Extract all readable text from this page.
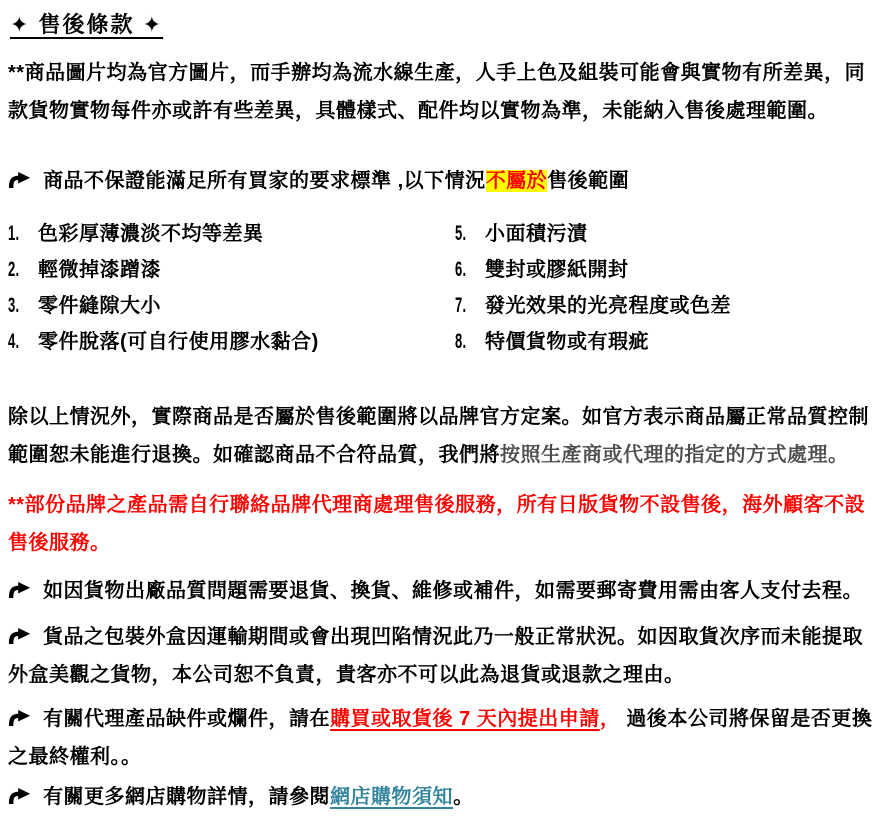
✦ 售後條款 ✦

**商品圖片均為官方圖片，而手辦均為流水線生產，人手上色及組裝可能會與實物有所差異，同款貨物實物每件亦或許有些差異，具體樣式、配件均以實物為準，未能納入售後處理範圍。

商品不保證能滿足所有買家的要求標準 ,以下情況不屬於售後範圍

1. 色彩厚薄濃淡不均等差異	5. 小面積污漬
2. 輕微掉漆蹭漆	6. 雙封或膠紙開封
3. 零件縫隙大小	7. 發光效果的光亮程度或色差
4. 零件脫落(可自行使用膠水黏合)	8. 特價貨物或有瑕疵

除以上情況外，實際商品是否屬於售後範圍將以品牌官方定案。如官方表示商品屬正常品質控制範圍恕未能進行退換。如確認商品不合符品質，我們將按照生產商或代理的指定的方式處理。

**部份品牌之產品需自行聯絡品牌代理商處理售後服務，所有日版貨物不設售後，海外顧客不設售後服務。

如因貨物出廠品質問題需要退貨、換貨、維修或補件，如需要郵寄費用需由客人支付去程。

貨品之包裝外盒因運輸期間或會出現凹陷情況此乃一般正常狀況。如因取貨次序而未能提取外盒美觀之貨物，本公司恕不負責，貴客亦不可以此為退貨或退款之理由。

有關代理產品缺件或爛件，請在購買或取貨後 7 天內提出申請， 過後本公司將保留是否更換之最終權利。。

有關更多網店購物詳情，請參閱網店購物須知。
